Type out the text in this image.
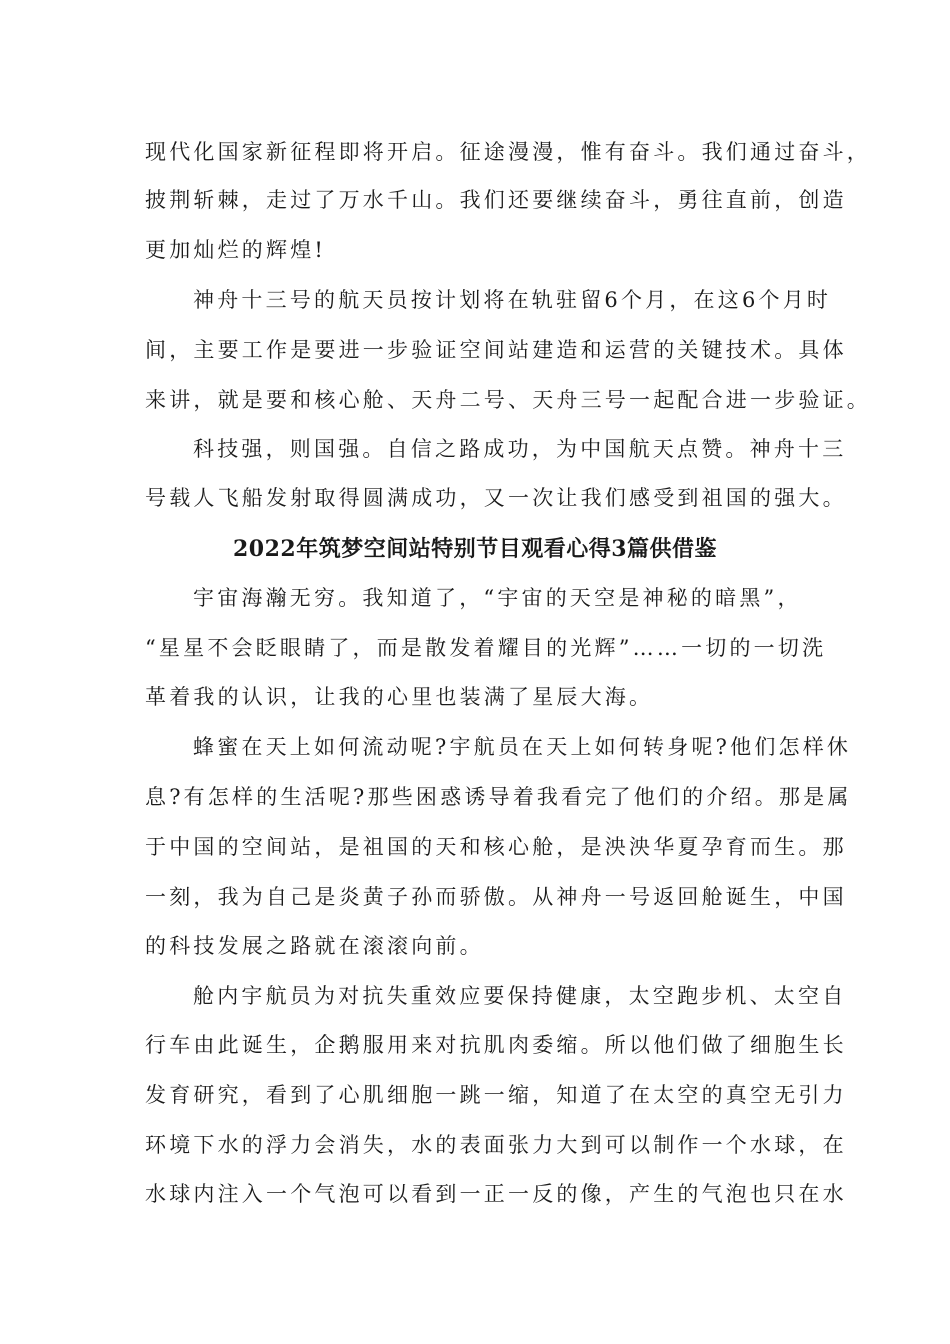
现代化国家新征程即将开启。征途漫漫，惟有奋斗。我们通过奋斗，
披荆斩棘，走过了万水千山。我们还要继续奋斗，勇往直前，创造
更加灿烂的辉煌!
神舟十三号的航天员按计划将在轨驻留6个月，在这6个月时
间，主要工作是要进一步验证空间站建造和运营的关键技术。具体
来讲，就是要和核心舱、天舟二号、天舟三号一起配合进一步验证。
科技强，则国强。自信之路成功，为中国航天点赞。神舟十三
号载人飞船发射取得圆满成功，又一次让我们感受到祖国的强大。
2022年筑梦空间站特别节目观看心得3篇供借鉴
宇宙海瀚无穷。我知道了，“宇宙的天空是神秘的暗黑”，
“星星不会眨眼睛了，而是散发着耀目的光辉”……一切的一切洗
革着我的认识，让我的心里也装满了星辰大海。
蜂蜜在天上如何流动呢?宇航员在天上如何转身呢?他们怎样休
息?有怎样的生活呢?那些困惑诱导着我看完了他们的介绍。那是属
于中国的空间站，是祖国的天和核心舱，是泱泱华夏孕育而生。那
一刻，我为自己是炎黄子孙而骄傲。从神舟一号返回舱诞生，中国
的科技发展之路就在滚滚向前。
舱内宇航员为对抗失重效应要保持健康，太空跑步机、太空自
行车由此诞生，企鹅服用来对抗肌肉委缩。所以他们做了细胞生长
发育研究，看到了心肌细胞一跳一缩，知道了在太空的真空无引力
环境下水的浮力会消失，水的表面张力大到可以制作一个水球，在
水球内注入一个气泡可以看到一正一反的像，产生的气泡也只在水
